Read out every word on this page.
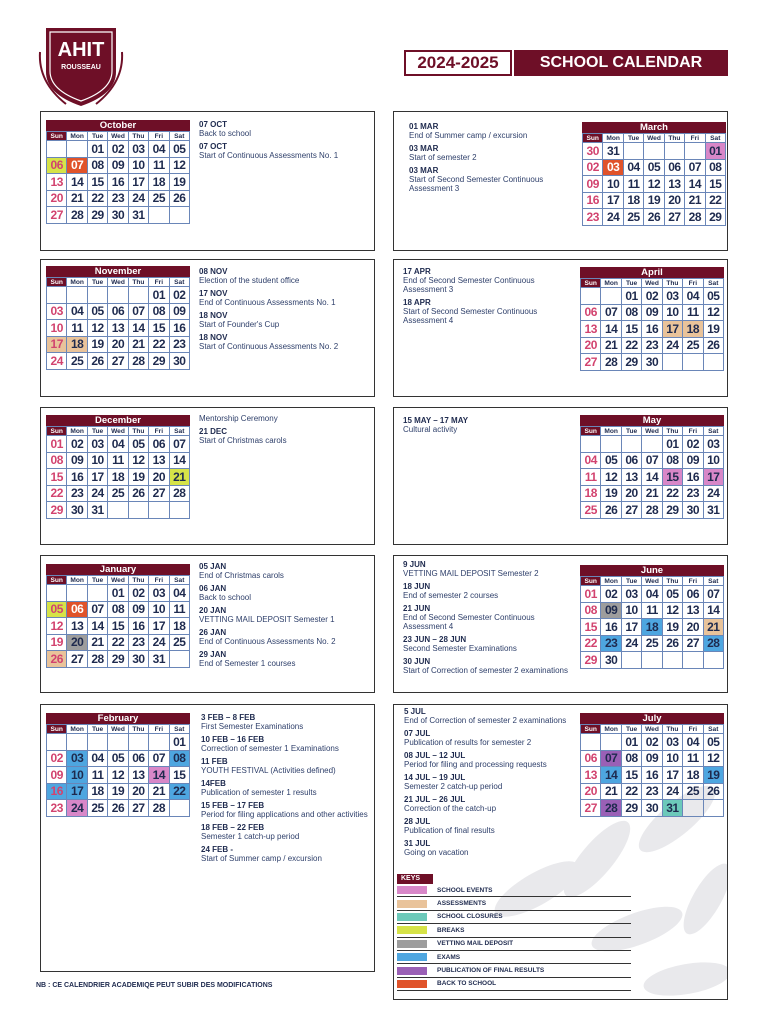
AHIT
ROUSSEAU	2024-2025	SCHOOL CALENDAR
October
Sun	Mon	Tue	Wed	Thu	Fri	Sat
		01	02	03	04	05
06	07	08	09	10	11	12
13	14	15	16	17	18	19
20	21	22	23	24	25	26
27	28	29	30	31		
November
Sun	Mon	Tue	Wed	Thu	Fri	Sat
					01	02
03	04	05	06	07	08	09
10	11	12	13	14	15	16
17	18	19	20	21	22	23
24	25	26	27	28	29	30
December
Sun	Mon	Tue	Wed	Thu	Fri	Sat
01	02	03	04	05	06	07
08	09	10	11	12	13	14
15	16	17	18	19	20	21
22	23	24	25	26	27	28
29	30	31				
January
Sun	Mon	Tue	Wed	Thu	Fri	Sat
			01	02	03	04
05	06	07	08	09	10	11
12	13	14	15	16	17	18
19	20	21	22	23	24	25
26	27	28	29	30	31	
February
Sun	Mon	Tue	Wed	Thu	Fri	Sat
						01
02	03	04	05	06	07	08
09	10	11	12	13	14	15
16	17	18	19	20	21	22
23	24	25	26	27	28	
March
Sun	Mon	Tue	Wed	Thu	Fri	Sat
30	31					01
02	03	04	05	06	07	08
09	10	11	12	13	14	15
16	17	18	19	20	21	22
23	24	25	26	27	28	29
April
Sun	Mon	Tue	Wed	Thu	Fri	Sat
		01	02	03	04	05
06	07	08	09	10	11	12
13	14	15	16	17	18	19
20	21	22	23	24	25	26
27	28	29	30			
May
Sun	Mon	Tue	Wed	Thu	Fri	Sat
				01	02	03
04	05	06	07	08	09	10
11	12	13	14	15	16	17
18	19	20	21	22	23	24
25	26	27	28	29	30	31
June
Sun	Mon	Tue	Wed	Thu	Fri	Sat
01	02	03	04	05	06	07
08	09	10	11	12	13	14
15	16	17	18	19	20	21
22	23	24	25	26	27	28
29	30					
July
Sun	Mon	Tue	Wed	Thu	Fri	Sat
		01	02	03	04	05
06	07	08	09	10	11	12
13	14	15	16	17	18	19
20	21	22	23	24	25	26
27	28	29	30	31		
07 OCT
Back to school
07 OCT
Start of Continuous Assessments No. 1
08 NOV
Election of the student office
17 NOV
End of Continuous Assessments No. 1
18 NOV
Start of Founder's Cup
18 NOV
Start of Continuous Assessments No. 2
Mentorship Ceremony
21 DEC
Start of Christmas carols
05 JAN
End of Christmas carols
06 JAN
Back to school
20 JAN
VETTING MAIL DEPOSIT Semester 1
26 JAN
End of Continuous Assessments No. 2
29 JAN
End of Semester 1 courses
3 FEB – 8 FEB
First Semester Examinations
10 FEB – 16 FEB
Correction of semester 1 Examinations
11 FEB
YOUTH FESTIVAL (Activities defined)
14FEB
Publication of semester 1 results
15 FEB – 17 FEB
Period for filing applications and other activities
18 FEB – 22 FEB
Semester 1 catch-up period
24 FEB -
Start of Summer camp / excursion
01 MAR
End of Summer camp / excursion
03 MAR
Start of semester 2
03 MAR
Start of Second Semester Continuous Assessment 3
17 APR
End of Second Semester Continuous Assessment 3
18 APR
Start of Second Semester Continuous Assessment 4
15 MAY – 17 MAY
Cultural activity
9 JUN
VETTING MAIL DEPOSIT Semester 2
18 JUN
End of semester 2 courses
21 JUN
End of Second Semester Continuous Assessment 4
23 JUN – 28 JUN
Second Semester Examinations
30 JUN
Start of Correction of semester 2 examinations
5 JUL
End of Correction of semester 2 examinations
07 JUL
Publication of results for semester 2
08 JUL – 12 JUL
Period for filing and processing requests
14 JUL – 19 JUL
Semester 2 catch-up period
21 JUL – 26 JUL
Correction of the catch-up
28 JUL
Publication of final results
31 JUL
Going on vacation
KEYS
SCHOOL EVENTS
ASSESSMENTS
SCHOOL CLOSURES
BREAKS
VETTING MAIL DEPOSIT
EXAMS
PUBLICATION OF FINAL RESULTS
BACK TO SCHOOL
NB : CE CALENDRIER ACADEMIQE PEUT SUBIR DES MODIFICATIONS
